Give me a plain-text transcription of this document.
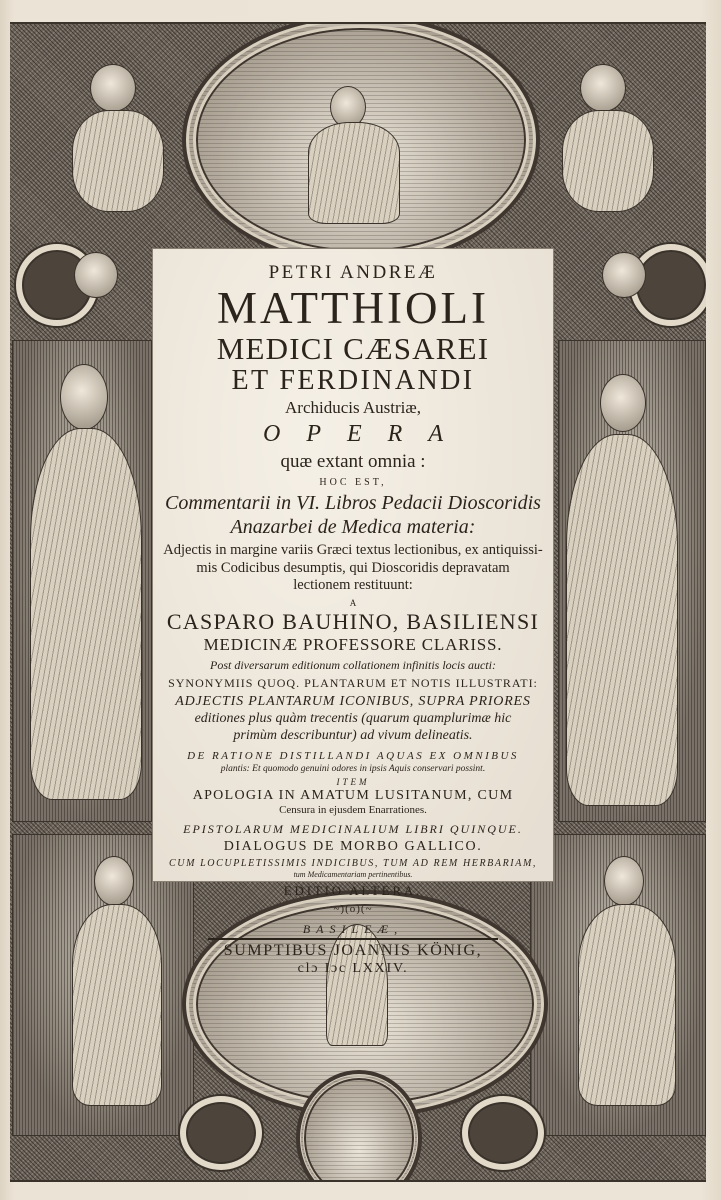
PETRI ANDREÆ
MATTHIOLI
MEDICI CÆSAREI
ET FERDINANDI
Archiducis Austriæ,
OPERA
quæ extant omnia :
HOC EST,
Commentarii in VI. Libros Pedacii Dioscoridis
Anazarbei de Medica materia:
Adjectis in margine variis Græci textus lectionibus, ex antiquissi-
mis Codicibus desumptis, qui Dioscoridis depravatam
lectionem restituunt:
A
CASPARO BAUHINO, BASILIENSI
MEDICINÆ PROFESSORE CLARISS.
Post diversarum editionum collationem infinitis locis aucti:
SYNONYMIIS QUOQ. PLANTARUM ET NOTIS ILLUSTRATI:
ADJECTIS PLANTARUM ICONIBUS, SUPRA PRIORES
editiones plus quàm trecentis (quarum quamplurimæ hic
primùm describuntur) ad vivum delineatis.
DE RATIONE DISTILLANDI AQUAS EX OMNIBUS
plantis: Et quomodo genuini odores in ipsis Aquis conservari possint.
ITEM
APOLOGIA IN AMATUM LUSITANUM, CUM
Censura in ejusdem Enarrationes.
EPISTOLARUM MEDICINALIUM LIBRI QUINQUE.
DIALOGUS DE MORBO GALLICO.
CUM LOCUPLETISSIMIS INDICIBUS, TUM AD REM HERBARIAM,
tum Medicamentariam pertinentibus.
EDITIO ALTERA.
~)(o)(~
BASILEÆ,
SUMPTIBUS JOANNIS KÖNIG,
clɔ Iɔc LXXIV.
